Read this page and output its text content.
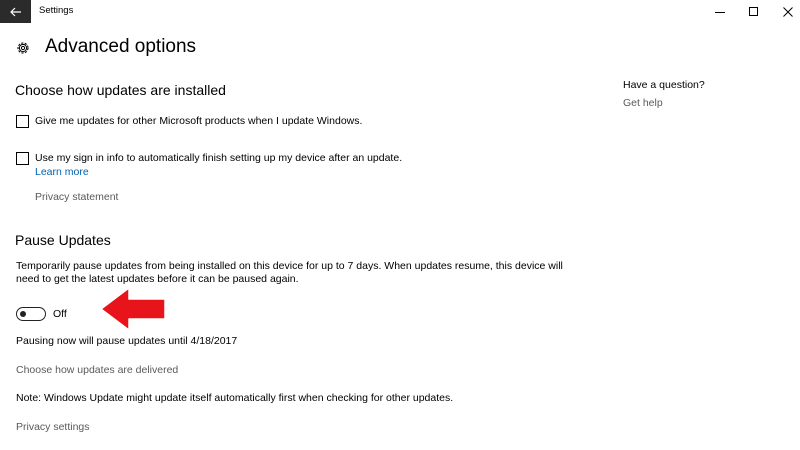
Settings
Advanced options
Choose how updates are installed
Give me updates for other Microsoft products when I update Windows.
Use my sign in info to automatically finish setting up my device after an update.
Learn more
Privacy statement
Pause Updates
Temporarily pause updates from being installed on this device for up to 7 days. When updates resume, this device will
need to get the latest updates before it can be paused again.
Off
Pausing now will pause updates until 4/18/2017
Choose how updates are delivered
Note: Windows Update might update itself automatically first when checking for other updates.
Privacy settings
Have a question?
Get help
